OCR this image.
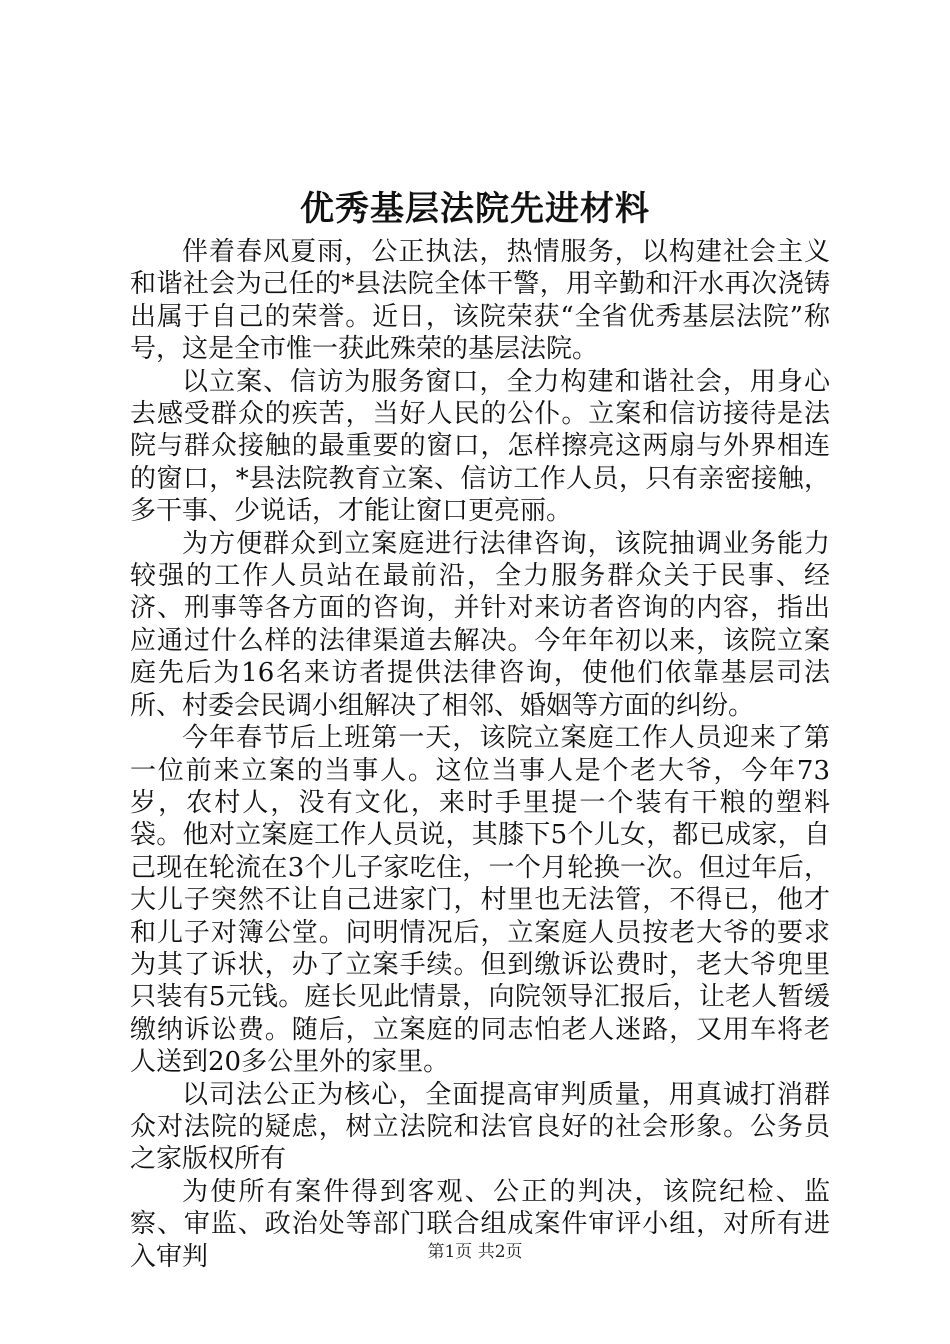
优秀基层法院先进材料

伴着春风夏雨，公正执法，热情服务，以构建社会主义和谐社会为己任的*县法院全体干警，用辛勤和汗水再次浇铸出属于自己的荣誉。近日，该院荣获“全省优秀基层法院”称号，这是全市惟一获此殊荣的基层法院。

以立案、信访为服务窗口，全力构建和谐社会，用身心去感受群众的疾苦，当好人民的公仆。立案和信访接待是法院与群众接触的最重要的窗口，怎样擦亮这两扇与外界相连的窗口，*县法院教育立案、信访工作人员，只有亲密接触，多干事、少说话，才能让窗口更亮丽。

为方便群众到立案庭进行法律咨询，该院抽调业务能力较强的工作人员站在最前沿，全力服务群众关于民事、经济、刑事等各方面的咨询，并针对来访者咨询的内容，指出应通过什么样的法律渠道去解决。今年年初以来，该院立案庭先后为16名来访者提供法律咨询，使他们依靠基层司法所、村委会民调小组解决了相邻、婚姻等方面的纠纷。

今年春节后上班第一天，该院立案庭工作人员迎来了第一位前来立案的当事人。这位当事人是个老大爷，今年73岁，农村人，没有文化，来时手里提一个装有干粮的塑料袋。他对立案庭工作人员说，其膝下5个儿女，都已成家，自己现在轮流在3个儿子家吃住，一个月轮换一次。但过年后，大儿子突然不让自己进家门，村里也无法管，不得已，他才和儿子对簿公堂。问明情况后，立案庭人员按老大爷的要求为其了诉状，办了立案手续。但到缴诉讼费时，老大爷兜里只装有5元钱。庭长见此情景，向院领导汇报后，让老人暂缓缴纳诉讼费。随后，立案庭的同志怕老人迷路，又用车将老人送到20多公里外的家里。

以司法公正为核心，全面提高审判质量，用真诚打消群众对法院的疑虑，树立法院和法官良好的社会形象。公务员之家版权所有

为使所有案件得到客观、公正的判决，该院纪检、监察、审监、政治处等部门联合组成案件审评小组，对所有进入审判	第1页 共2页
